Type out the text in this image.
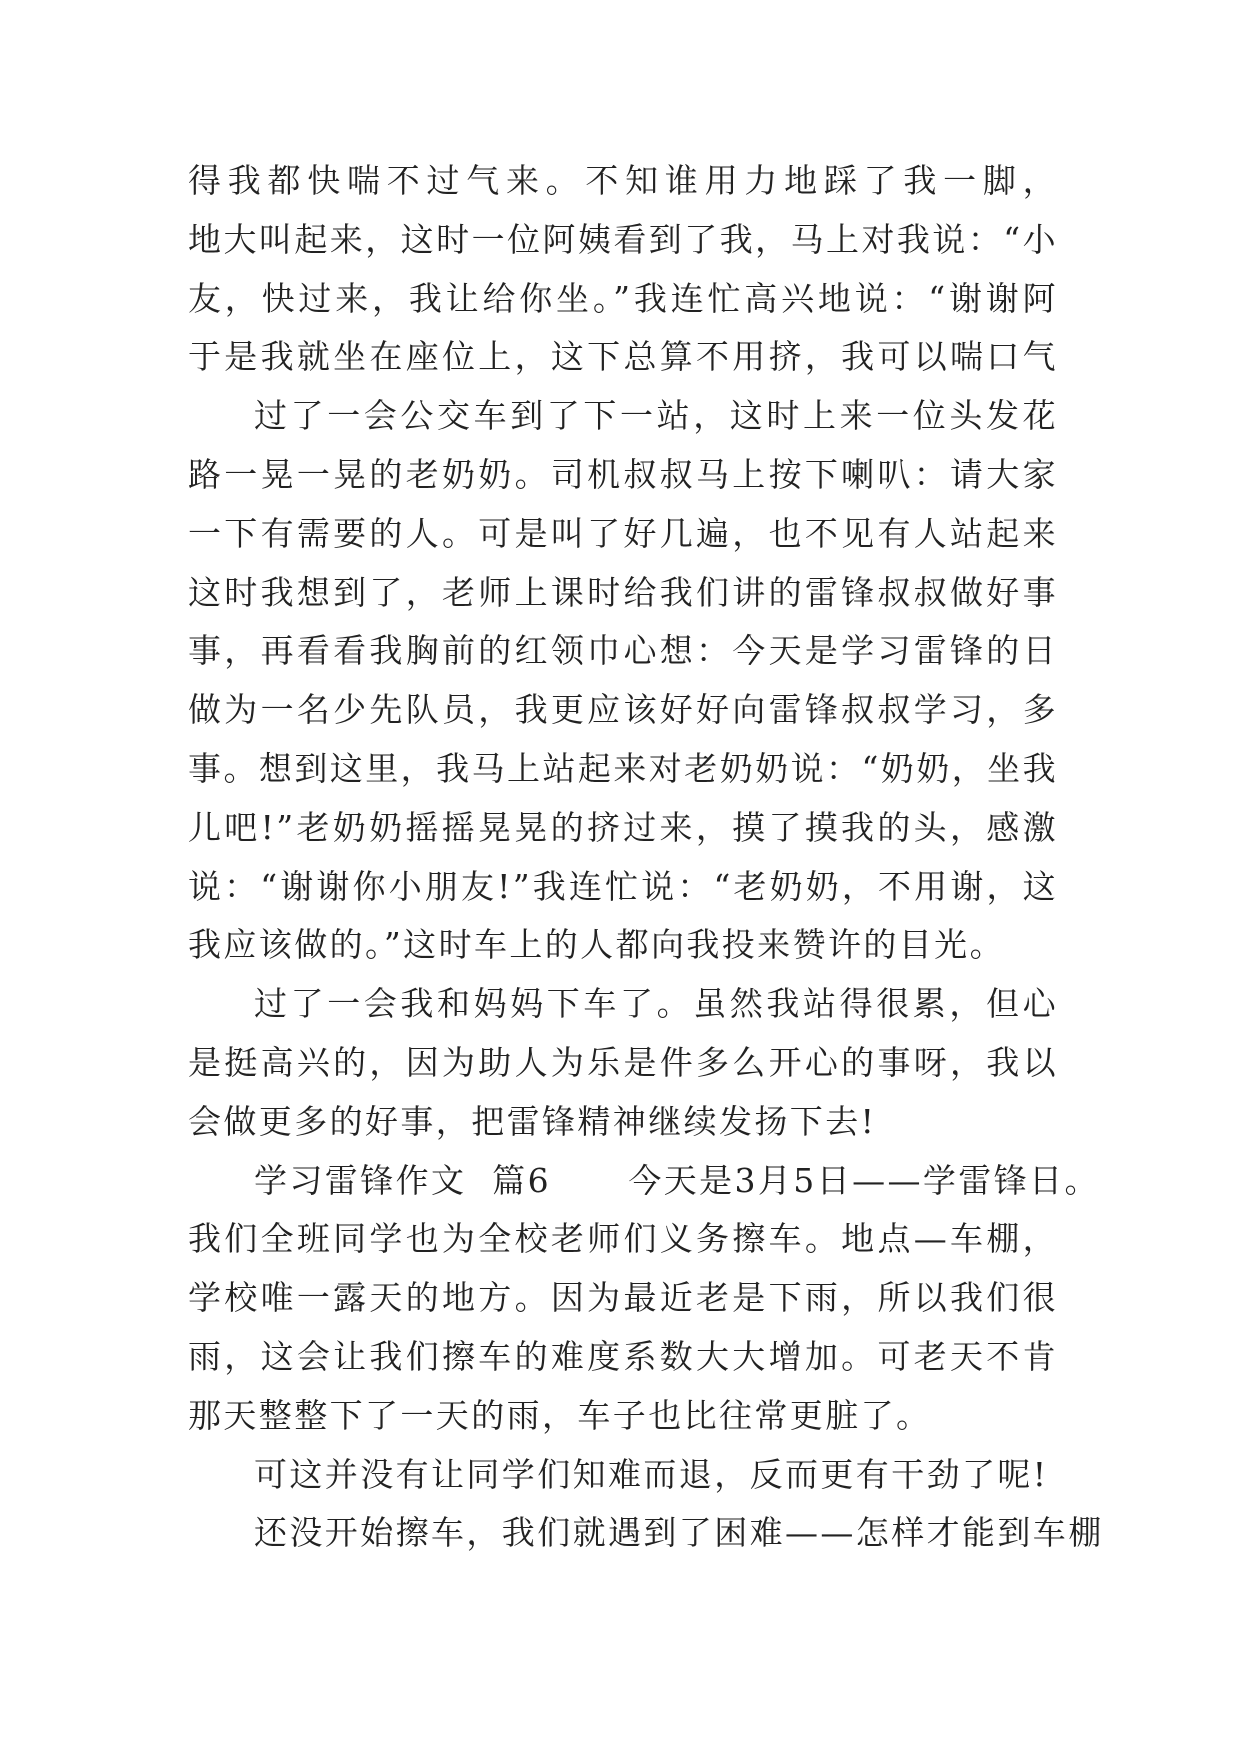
得我都快喘不过气来。不知谁用力地踩了我一脚，
地大叫起来，这时一位阿姨看到了我，马上对我说：“小
友，快过来，我让给你坐。”我连忙高兴地说：“谢谢阿
于是我就坐在座位上，这下总算不用挤，我可以喘口气
过了一会公交车到了下一站，这时上来一位头发花
路一晃一晃的老奶奶。司机叔叔马上按下喇叭：请大家
一下有需要的人。可是叫了好几遍，也不见有人站起来
这时我想到了，老师上课时给我们讲的雷锋叔叔做好事
事，再看看我胸前的红领巾心想：今天是学习雷锋的日
做为一名少先队员，我更应该好好向雷锋叔叔学习，多
事。想到这里，我马上站起来对老奶奶说：“奶奶，坐我
儿吧!”老奶奶摇摇晃晃的挤过来，摸了摸我的头，感激
说：“谢谢你小朋友!”我连忙说：“老奶奶，不用谢，这
我应该做的。”这时车上的人都向我投来赞许的目光。
过了一会我和妈妈下车了。虽然我站得很累，但心
是挺高兴的，因为助人为乐是件多么开心的事呀，我以
会做更多的好事，把雷锋精神继续发扬下去!
学习雷锋作文  篇6      今天是3月5日——学雷锋日。
我们全班同学也为全校老师们义务擦车。地点—车棚，
学校唯一露天的地方。因为最近老是下雨，所以我们很
雨，这会让我们擦车的难度系数大大增加。可老天不肯
那天整整下了一天的雨，车子也比往常更脏了。
可这并没有让同学们知难而退，反而更有干劲了呢!
还没开始擦车，我们就遇到了困难——怎样才能到车棚
